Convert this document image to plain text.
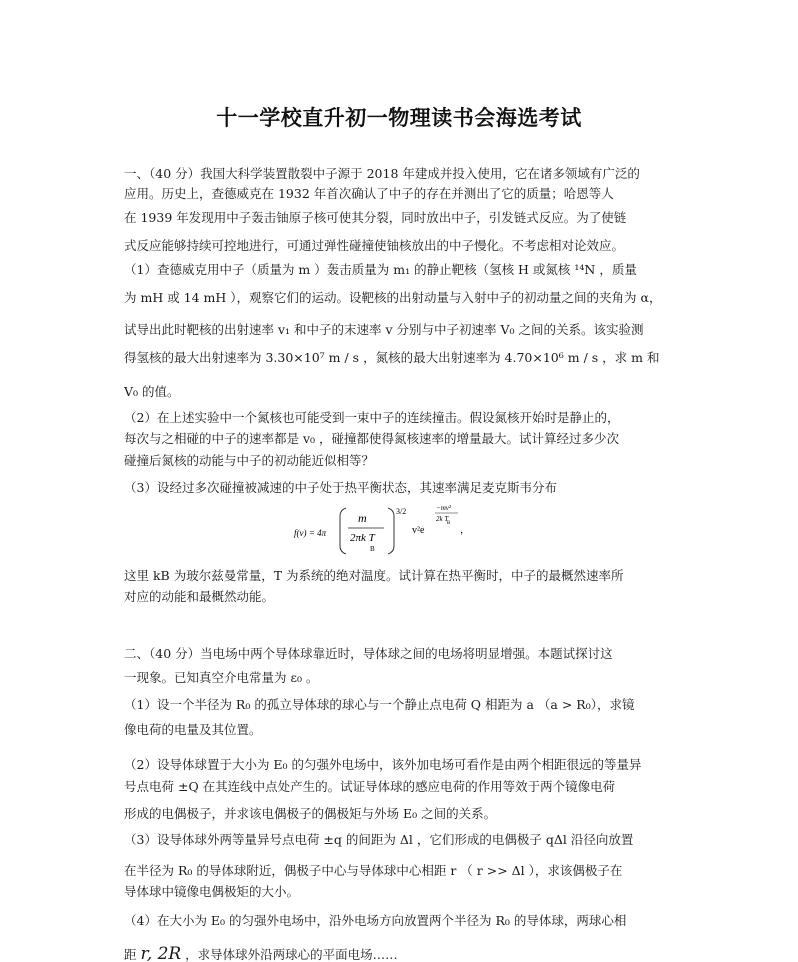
十一学校直升初一物理读书会海选考试
一、（40 分）我国大科学装置散裂中子源于 2018 年建成并投入使用，它在诸多领域有广泛的
应用。历史上，查德威克在 1932 年首次确认了中子的存在并测出了它的质量；哈恩等人
在 1939 年发现用中子轰击铀原子核可使其分裂，同时放出中子，引发链式反应。为了使链
式反应能够持续可控地进行，可通过弹性碰撞使铀核放出的中子慢化。不考虑相对论效应。
（1）查德威克用中子（质量为 m ）轰击质量为 m₁ 的静止靶核（氢核 H 或氮核 ¹⁴N ，质量
为 mH 或 14 mH ），观察它们的运动。设靶核的出射动量与入射中子的初动量之间的夹角为 α，
试导出此时靶核的出射速率 v₁ 和中子的末速率 v 分别与中子初速率 V₀ 之间的关系。该实验测
得氢核的最大出射速率为 3.30×10⁷ m / s ，氮核的最大出射速率为 4.70×10⁶ m / s ，求 m 和
V₀ 的值。
（2）在上述实验中一个氮核也可能受到一束中子的连续撞击。假设氮核开始时是静止的，
每次与之相碰的中子的速率都是 v₀ ，碰撞都使得氮核速率的增量最大。试计算经过多少次
碰撞后氮核的动能与中子的初动能近似相等？
（3）设经过多次碰撞被减速的中子处于热平衡状态，其速率满足麦克斯韦分布
f(v) = 4π
m
2πk T
B
3/2
v²e
−mv²
2k T
B
，
这里 kB 为玻尔兹曼常量，T 为系统的绝对温度。试计算在热平衡时，中子的最概然速率所
对应的动能和最概然动能。
二、（40 分）当电场中两个导体球靠近时，导体球之间的电场将明显增强。本题试探讨这
一现象。已知真空介电常量为 ε₀ 。
（1）设一个半径为 R₀ 的孤立导体球的球心与一个静止点电荷 Q 相距为 a （a > R₀），求镜
像电荷的电量及其位置。
（2）设导体球置于大小为 E₀ 的匀强外电场中，该外加电场可看作是由两个相距很远的等量异
号点电荷 ±Q 在其连线中点处产生的。试证导体球的感应电荷的作用等效于两个镜像电荷
形成的电偶极子，并求该电偶极子的偶极矩与外场 E₀ 之间的关系。
（3）设导体球外两等量异号点电荷 ±q 的间距为 Δl ，它们形成的电偶极子 qΔl 沿径向放置
在半径为 R₀ 的导体球附近，偶极子中心与导体球中心相距 r （ r >> Δl ），求该偶极子在
导体球中镜像电偶极矩的大小。
（4）在大小为 E₀ 的匀强外电场中，沿外电场方向放置两个半径为 R₀ 的导体球，两球心相
距 r, 2R ，求导体球外沿两球心的平面电场……
